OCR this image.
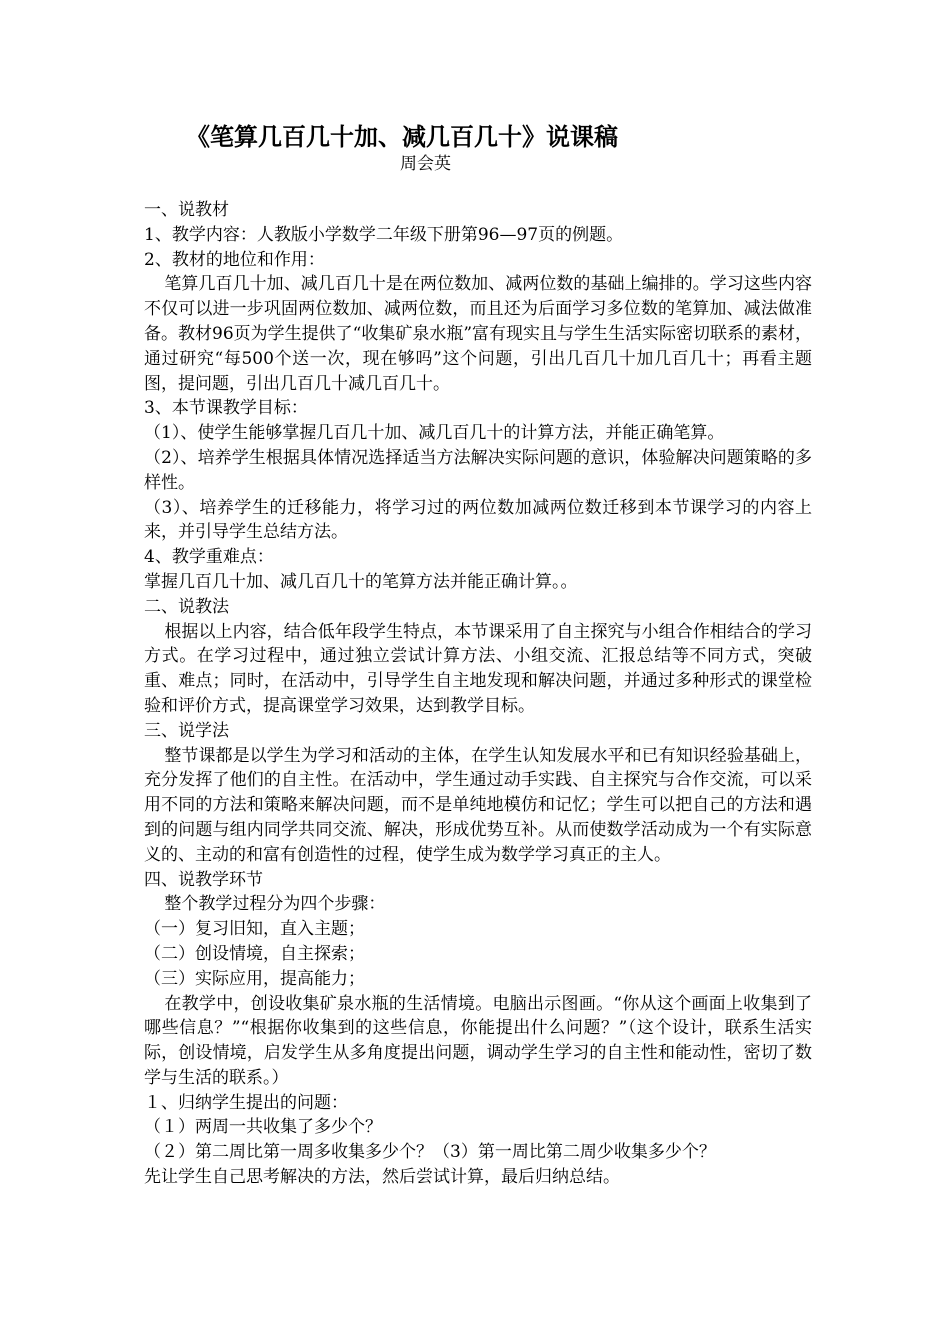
《笔算几百几十加、减几百几十》说课稿
周会英

一、说教材

1、教学内容：人教版小学数学二年级下册第96—97页的例题。

2、教材的地位和作用：

笔算几百几十加、减几百几十是在两位数加、减两位数的基础上编排的。学习这些内容不仅可以进一步巩固两位数加、减两位数，而且还为后面学习多位数的笔算加、减法做准备。教材96页为学生提供了“收集矿泉水瓶”富有现实且与学生生活实际密切联系的素材，通过研究“每500个送一次，现在够吗”这个问题，引出几百几十加几百几十；再看主题图，提问题，引出几百几十减几百几十。

3、本节课教学目标：

（1）、使学生能够掌握几百几十加、减几百几十的计算方法，并能正确笔算。

（2）、培养学生根据具体情况选择适当方法解决实际问题的意识，体验解决问题策略的多样性。

（3）、培养学生的迁移能力，将学习过的两位数加减两位数迁移到本节课学习的内容上来，并引导学生总结方法。

4、教学重难点：

掌握几百几十加、减几百几十的笔算方法并能正确计算。。

二、说教法

根据以上内容，结合低年段学生特点，本节课采用了自主探究与小组合作相结合的学习方式。在学习过程中，通过独立尝试计算方法、小组交流、汇报总结等不同方式，突破重、难点；同时，在活动中，引导学生自主地发现和解决问题，并通过多种形式的课堂检验和评价方式，提高课堂学习效果，达到教学目标。

三、说学法

整节课都是以学生为学习和活动的主体，在学生认知发展水平和已有知识经验基础上，充分发挥了他们的自主性。在活动中，学生通过动手实践、自主探究与合作交流，可以采用不同的方法和策略来解决问题，而不是单纯地模仿和记忆；学生可以把自己的方法和遇到的问题与组内同学共同交流、解决，形成优势互补。从而使数学活动成为一个有实际意义的、主动的和富有创造性的过程，使学生成为数学学习真正的主人。

四、说教学环节

整个教学过程分为四个步骤：

（一）复习旧知，直入主题；

（二）创设情境，自主探索；

（三）实际应用，提高能力；

在教学中，创设收集矿泉水瓶的生活情境。电脑出示图画。“你从这个画面上收集到了哪些信息？”“根据你收集到的这些信息，你能提出什么问题？”（这个设计，联系生活实际，创设情境，启发学生从多角度提出问题，调动学生学习的自主性和能动性，密切了数学与生活的联系。）

１、归纳学生提出的问题：

（１）两周一共收集了多少个？

（２）第二周比第一周多收集多少个？（3）第一周比第二周少收集多少个？

先让学生自己思考解决的方法，然后尝试计算，最后归纳总结。
